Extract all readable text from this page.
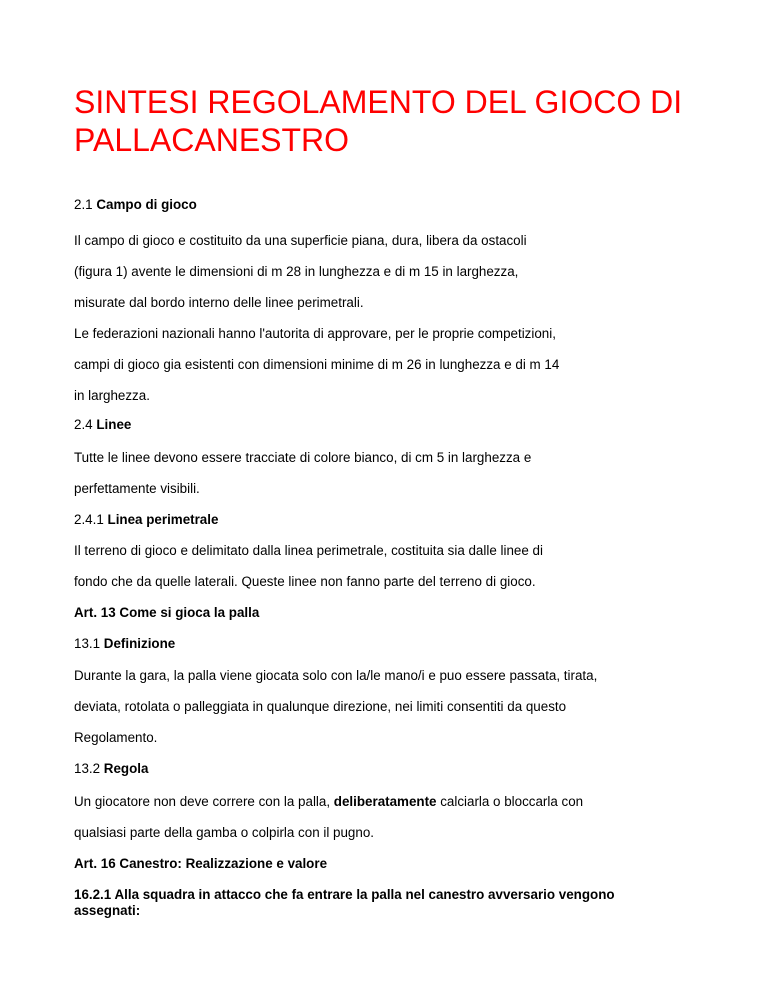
SINTESI REGOLAMENTO DEL GIOCO DI PALLACANESTRO
2.1 Campo di gioco
Il campo di gioco e costituito da una superficie piana, dura, libera da ostacoli
(figura 1) avente le dimensioni di m 28 in lunghezza e di m 15 in larghezza,
misurate dal bordo interno delle linee perimetrali.
Le federazioni nazionali hanno l'autorita di approvare, per le proprie competizioni,
campi di gioco gia esistenti con dimensioni minime di m 26 in lunghezza e di m 14
in larghezza.
2.4 Linee
Tutte le linee devono essere tracciate di colore bianco, di cm 5 in larghezza e
perfettamente visibili.
2.4.1 Linea perimetrale
Il terreno di gioco e delimitato dalla linea perimetrale, costituita sia dalle linee di
fondo che da quelle laterali. Queste linee non fanno parte del terreno di gioco.
Art. 13 Come si gioca la palla
13.1 Definizione
Durante la gara, la palla viene giocata solo con la/le mano/i e puo essere passata, tirata,
deviata, rotolata o palleggiata in qualunque direzione, nei limiti consentiti da questo
Regolamento.
13.2 Regola
Un giocatore non deve correre con la palla, deliberatamente calciarla o bloccarla con
qualsiasi parte della gamba o colpirla con il pugno.
Art. 16 Canestro: Realizzazione e valore
16.2.1 Alla squadra in attacco che fa entrare la palla nel canestro avversario vengono
assegnati:
